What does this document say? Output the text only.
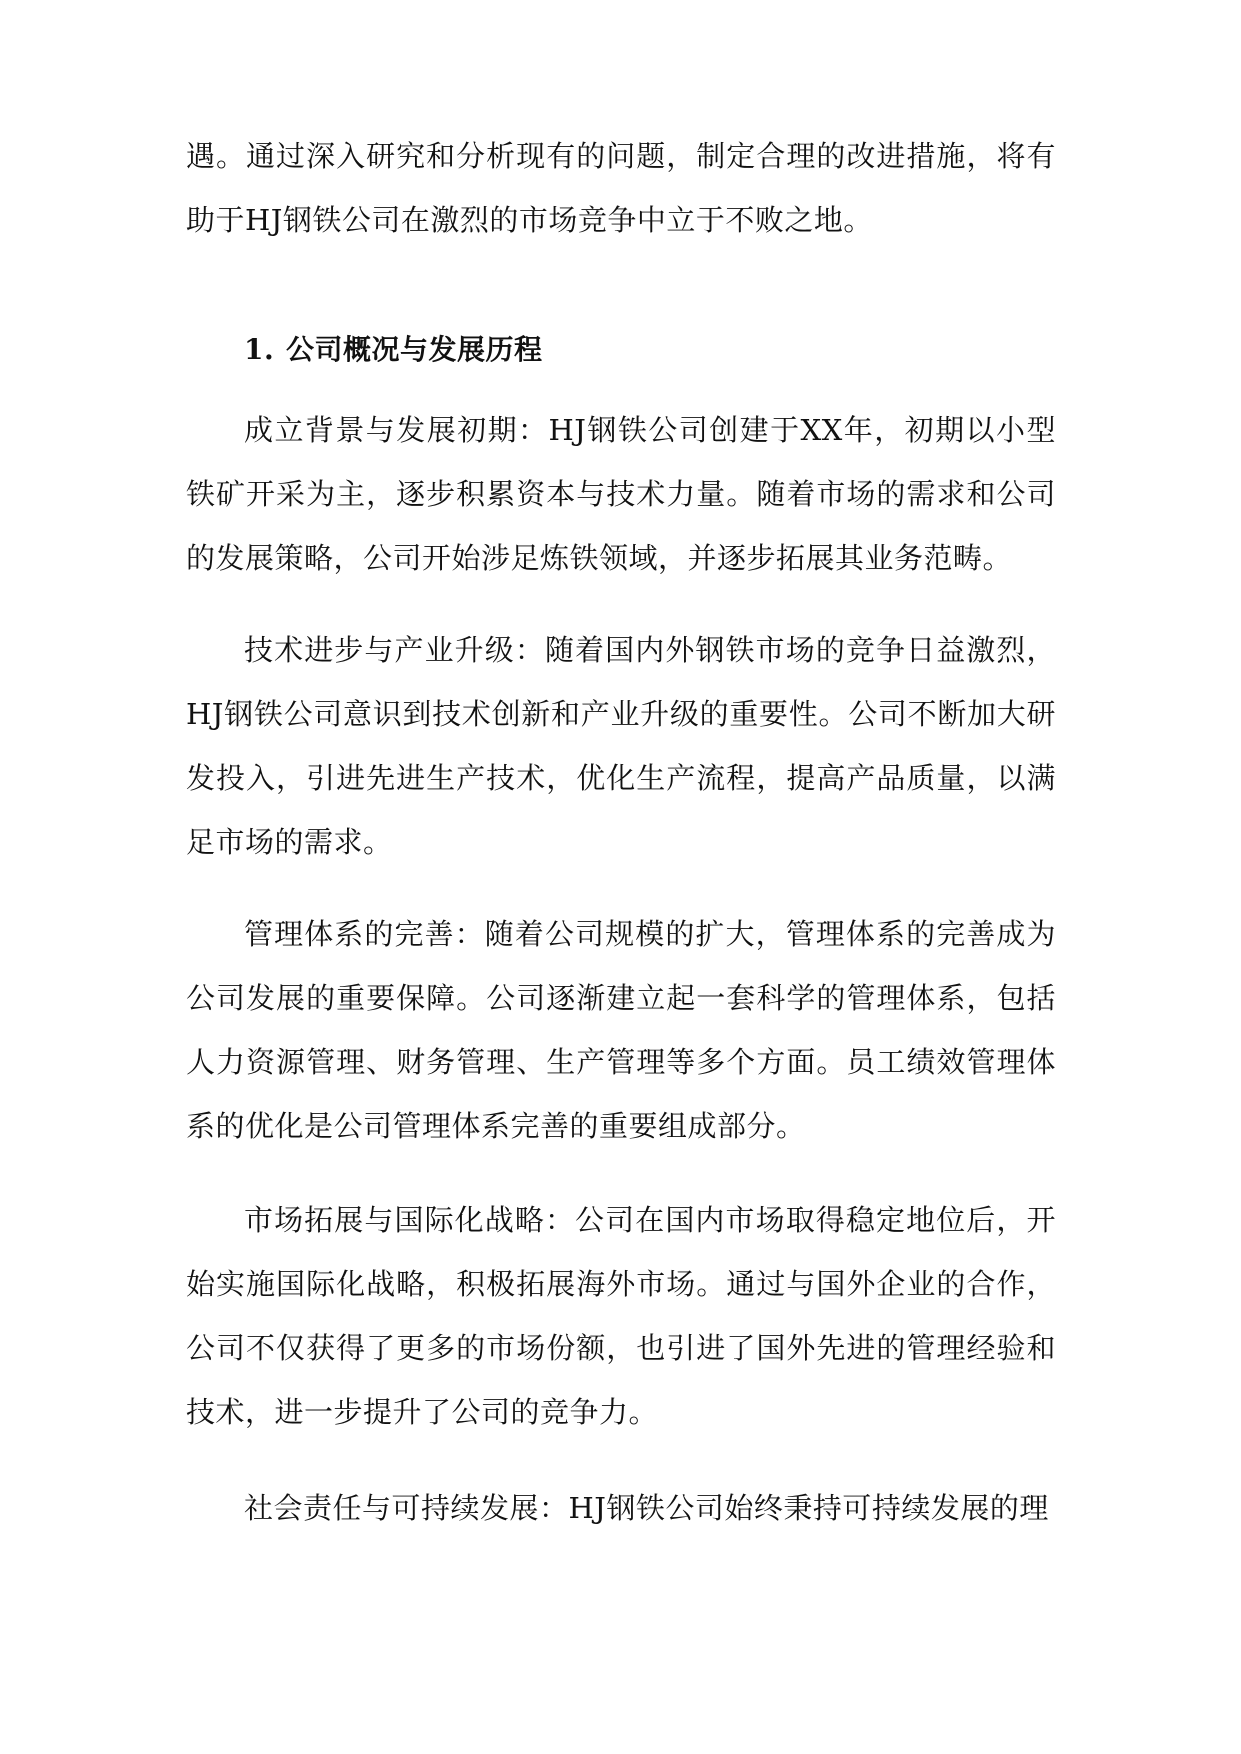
遇。通过深入研究和分析现有的问题，制定合理的改进措施，将有助于HJ钢铁公司在激烈的市场竞争中立于不败之地。

1. 公司概况与发展历程

成立背景与发展初期：HJ钢铁公司创建于XX年，初期以小型铁矿开采为主，逐步积累资本与技术力量。随着市场的需求和公司的发展策略，公司开始涉足炼铁领域，并逐步拓展其业务范畴。

技术进步与产业升级：随着国内外钢铁市场的竞争日益激烈，HJ钢铁公司意识到技术创新和产业升级的重要性。公司不断加大研发投入，引进先进生产技术，优化生产流程，提高产品质量，以满足市场的需求。

管理体系的完善：随着公司规模的扩大，管理体系的完善成为公司发展的重要保障。公司逐渐建立起一套科学的管理体系，包括人力资源管理、财务管理、生产管理等多个方面。员工绩效管理体系的优化是公司管理体系完善的重要组成部分。

市场拓展与国际化战略：公司在国内市场取得稳定地位后，开始实施国际化战略，积极拓展海外市场。通过与国外企业的合作，公司不仅获得了更多的市场份额，也引进了国外先进的管理经验和技术，进一步提升了公司的竞争力。

社会责任与可持续发展：HJ钢铁公司始终秉持可持续发展的理
